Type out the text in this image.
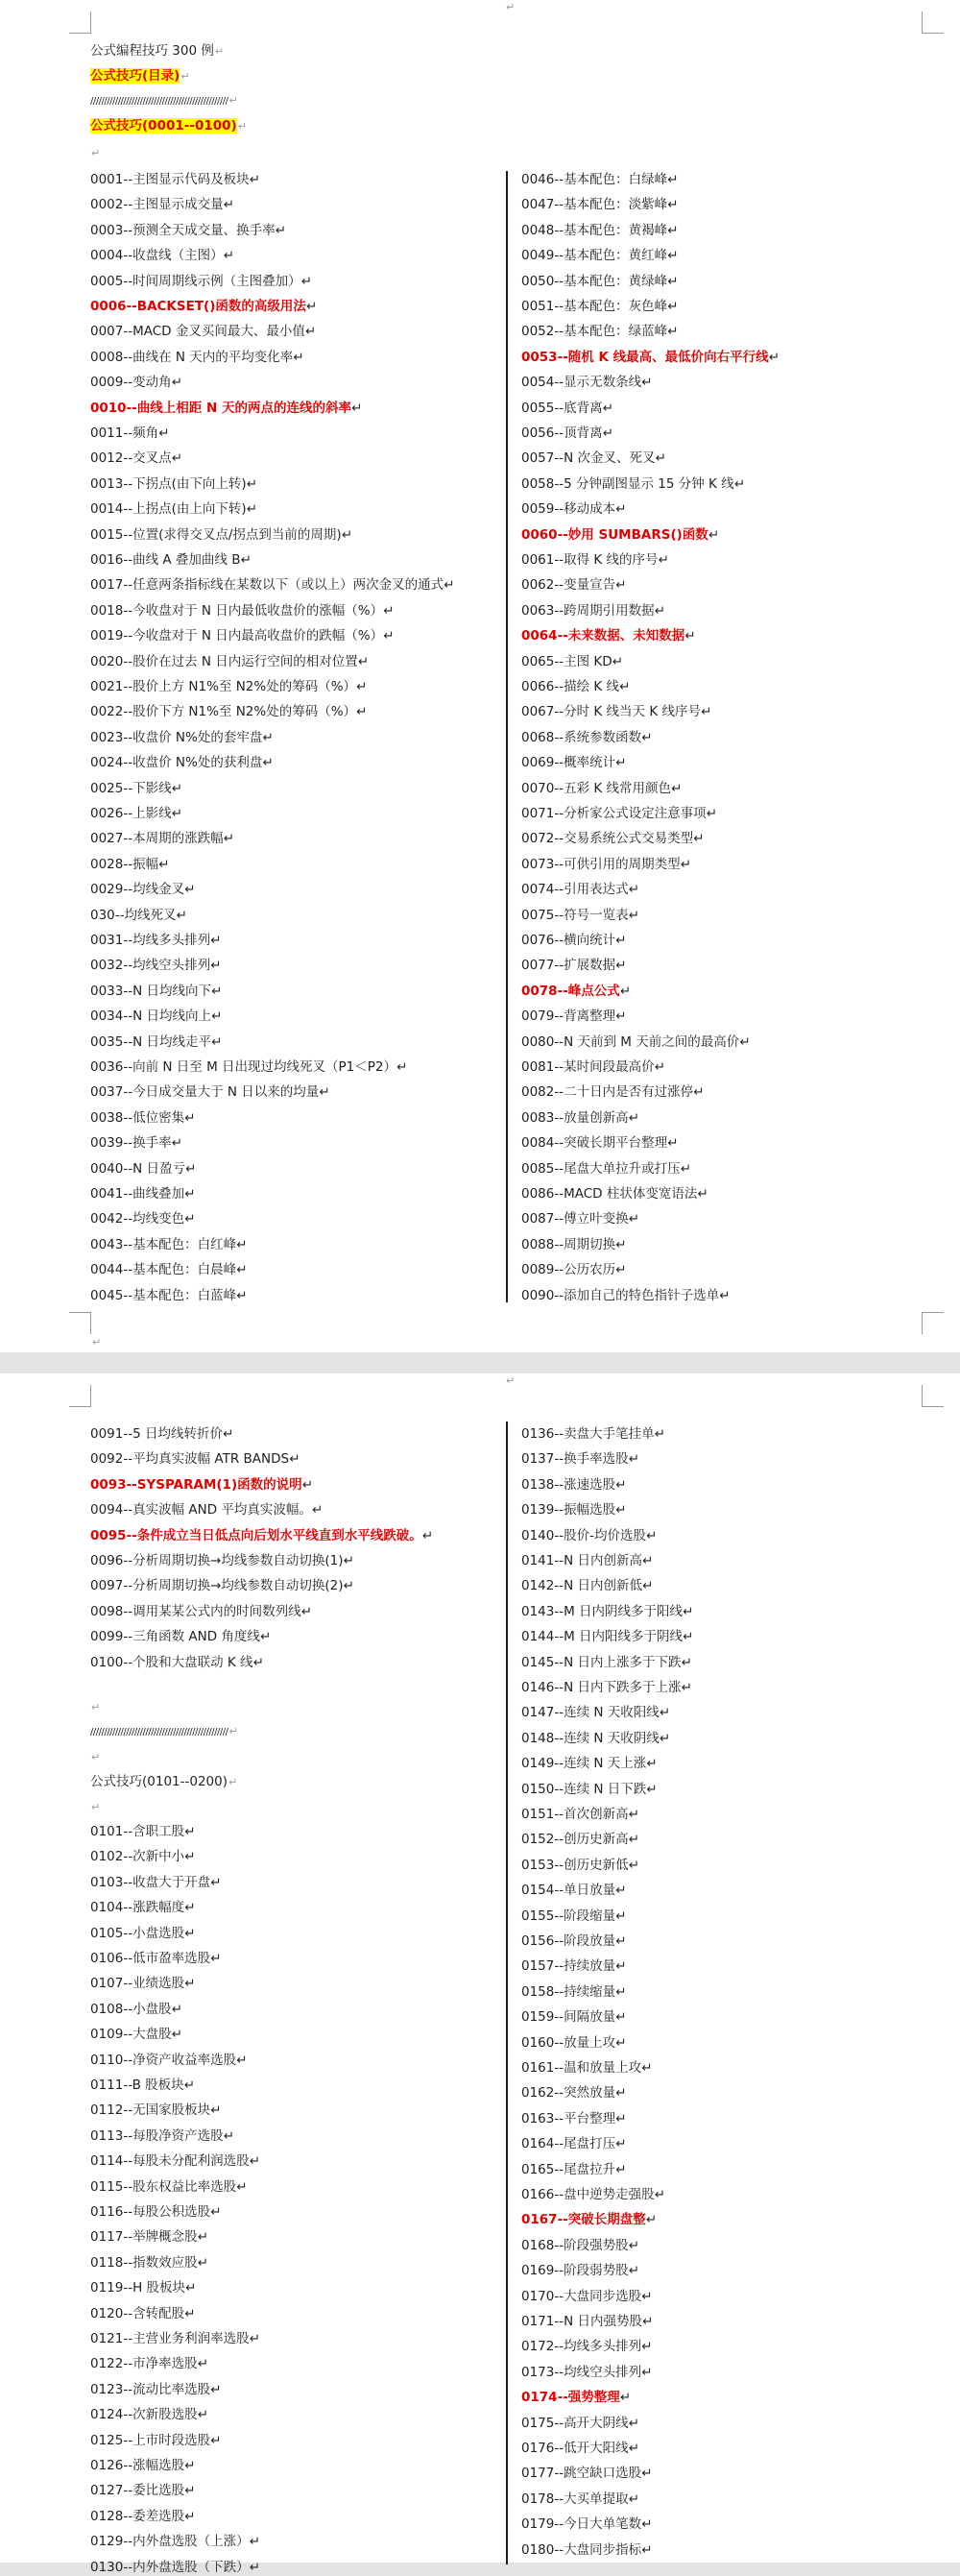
↵
公式编程技巧 300 例↵
公式技巧(目录)↵
//////////////////////////////////////////////////↵
公式技巧(0001--0100)↵
↵
0001--主图显示代码及板块↵
0002--主图显示成交量↵
0003--预测全天成交量、换手率↵
0004--收盘线（主图）↵
0005--时间周期线示例（主图叠加）↵
0006--BACKSET()函数的高级用法↵
0007--MACD 金叉买间最大、最小值↵
0008--曲线在 N 天内的平均变化率↵
0009--变动角↵
0010--曲线上相距 N 天的两点的连线的斜率↵
0011--频角↵
0012--交叉点↵
0013--下拐点(由下向上转)↵
0014--上拐点(由上向下转)↵
0015--位置(求得交叉点/拐点到当前的周期)↵
0016--曲线 A 叠加曲线 B↵
0017--任意两条指标线在某数以下（或以上）两次金叉的通式↵
0018--今收盘对于 N 日内最低收盘价的涨幅（%）↵
0019--今收盘对于 N 日内最高收盘价的跌幅（%）↵
0020--股价在过去 N 日内运行空间的相对位置↵
0021--股价上方 N1%至 N2%处的筹码（%）↵
0022--股价下方 N1%至 N2%处的筹码（%）↵
0023--收盘价 N%处的套牢盘↵
0024--收盘价 N%处的获利盘↵
0025--下影线↵
0026--上影线↵
0027--本周期的涨跌幅↵
0028--振幅↵
0029--均线金叉↵
030--均线死叉↵
0031--均线多头排列↵
0032--均线空头排列↵
0033--N 日均线向下↵
0034--N 日均线向上↵
0035--N 日均线走平↵
0036--向前 N 日至 M 日出现过均线死叉（P1＜P2）↵
0037--今日成交量大于 N 日以来的均量↵
0038--低位密集↵
0039--换手率↵
0040--N 日盈亏↵
0041--曲线叠加↵
0042--均线变色↵
0043--基本配色：白红峰↵
0044--基本配色：白晨峰↵
0045--基本配色：白蓝峰↵
0046--基本配色：白绿峰↵
0047--基本配色：淡紫峰↵
0048--基本配色：黄褐峰↵
0049--基本配色：黄红峰↵
0050--基本配色：黄绿峰↵
0051--基本配色：灰色峰↵
0052--基本配色：绿蓝峰↵
0053--随机 K 线最高、最低价向右平行线↵
0054--显示无数条线↵
0055--底背离↵
0056--顶背离↵
0057--N 次金叉、死叉↵
0058--5 分钟副图显示 15 分钟 K 线↵
0059--移动成本↵
0060--妙用 SUMBARS()函数↵
0061--取得 K 线的序号↵
0062--变量宣告↵
0063--跨周期引用数据↵
0064--未来数据、未知数据↵
0065--主图 KD↵
0066--描绘 K 线↵
0067--分时 K 线当天 K 线序号↵
0068--系统参数函数↵
0069--概率统计↵
0070--五彩 K 线常用颜色↵
0071--分析家公式设定注意事项↵
0072--交易系统公式交易类型↵
0073--可供引用的周期类型↵
0074--引用表达式↵
0075--符号一览表↵
0076--横向统计↵
0077--扩展数据↵
0078--峰点公式↵
0079--背离整理↵
0080--N 天前到 M 天前之间的最高价↵
0081--某时间段最高价↵
0082--二十日内是否有过涨停↵
0083--放量创新高↵
0084--突破长期平台整理↵
0085--尾盘大单拉升或打压↵
0086--MACD 柱状体变宽语法↵
0087--傅立叶变换↵
0088--周期切换↵
0089--公历农历↵
0090--添加自己的特色指针子选单↵
↵
↵
0091--5 日均线转折价↵
0092--平均真实波幅 ATR BANDS↵
0093--SYSPARAM(1)函数的说明↵
0094--真实波幅 AND 平均真实波幅。↵
0095--条件成立当日低点向后划水平线直到水平线跌破。↵
0096--分析周期切换→均线参数自动切换(1)↵
0097--分析周期切换→均线参数自动切换(2)↵
0098--调用某某公式内的时间数列线↵
0099--三角函数 AND 角度线↵
0100--个股和大盘联动 K 线↵
↵
//////////////////////////////////////////////////↵
↵
公式技巧(0101--0200)↵
↵
0101--含职工股↵
0102--次新中小↵
0103--收盘大于开盘↵
0104--涨跌幅度↵
0105--小盘选股↵
0106--低市盈率选股↵
0107--业绩选股↵
0108--小盘股↵
0109--大盘股↵
0110--净资产收益率选股↵
0111--B 股板块↵
0112--无国家股板块↵
0113--每股净资产选股↵
0114--每股未分配利润选股↵
0115--股东权益比率选股↵
0116--每股公积选股↵
0117--举牌概念股↵
0118--指数效应股↵
0119--H 股板块↵
0120--含转配股↵
0121--主营业务利润率选股↵
0122--市净率选股↵
0123--流动比率选股↵
0124--次新股选股↵
0125--上市时段选股↵
0126--涨幅选股↵
0127--委比选股↵
0128--委差选股↵
0129--内外盘选股（上涨）↵
0130--内外盘选股（下跌）↵
0136--卖盘大手笔挂单↵
0137--换手率选股↵
0138--涨速选股↵
0139--振幅选股↵
0140--股价-均价选股↵
0141--N 日内创新高↵
0142--N 日内创新低↵
0143--M 日内阴线多于阳线↵
0144--M 日内阳线多于阴线↵
0145--N 日内上涨多于下跌↵
0146--N 日内下跌多于上涨↵
0147--连续 N 天收阳线↵
0148--连续 N 天收阴线↵
0149--连续 N 天上涨↵
0150--连续 N 日下跌↵
0151--首次创新高↵
0152--创历史新高↵
0153--创历史新低↵
0154--单日放量↵
0155--阶段缩量↵
0156--阶段放量↵
0157--持续放量↵
0158--持续缩量↵
0159--间隔放量↵
0160--放量上攻↵
0161--温和放量上攻↵
0162--突然放量↵
0163--平台整理↵
0164--尾盘打压↵
0165--尾盘拉升↵
0166--盘中逆势走强股↵
0167--突破长期盘整↵
0168--阶段强势股↵
0169--阶段弱势股↵
0170--大盘同步选股↵
0171--N 日内强势股↵
0172--均线多头排列↵
0173--均线空头排列↵
0174--强势整理↵
0175--高开大阴线↵
0176--低开大阳线↵
0177--跳空缺口选股↵
0178--大买单提取↵
0179--今日大单笔数↵
0180--大盘同步指标↵
